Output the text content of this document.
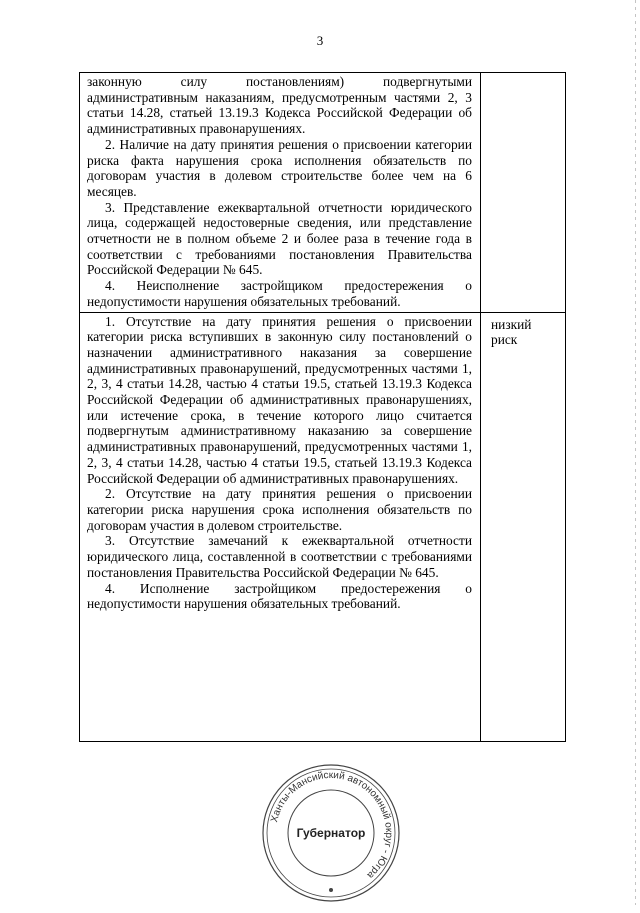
3

законную силу постановлениям) подвергнутыми административным наказаниям, предусмотренным частями 2, 3 статьи 14.28, статьей 13.19.3 Кодекса Российской Федерации об административных правонарушениях.

2. Наличие на дату принятия решения о присвоении категории риска факта нарушения срока исполнения обязательств по договорам участия в долевом строительстве более чем на 6 месяцев.

3. Представление ежеквартальной отчетности юридического лица, содержащей недостоверные сведения, или представление отчетности не в полном объеме 2 и более раза в течение года в соответствии с требованиями постановления Правительства Российской Федерации № 645.

4. Неисполнение застройщиком предостережения о недопустимости нарушения обязательных требований.	

1. Отсутствие на дату принятия решения о присвоении категории риска вступивших в законную силу постановлений о назначении административного наказания за совершение административных правонарушений, предусмотренных частями 1, 2, 3, 4 статьи 14.28, частью 4 статьи 19.5, статьей 13.19.3 Кодекса Российской Федерации об административных правонарушениях, или истечение срока, в течение которого лицо считается подвергнутым административному наказанию за совершение административных правонарушений, предусмотренных частями 1, 2, 3, 4 статьи 14.28, частью 4 статьи 19.5, статьей 13.19.3 Кодекса Российской Федерации об административных правонарушениях.

2. Отсутствие на дату принятия решения о присвоении категории риска нарушения срока исполнения обязательств по договорам участия в долевом строительстве.

3. Отсутствие замечаний к ежеквартальной отчетности юридического лица, составленной в соответствии с требованиями постановления Правительства Российской Федерации № 645.

4. Исполнение застройщиком предостережения о недопустимости нарушения обязательных требований.	низкий риск
Ханты-Мансийский автономный округ - Югра
Губернатор
